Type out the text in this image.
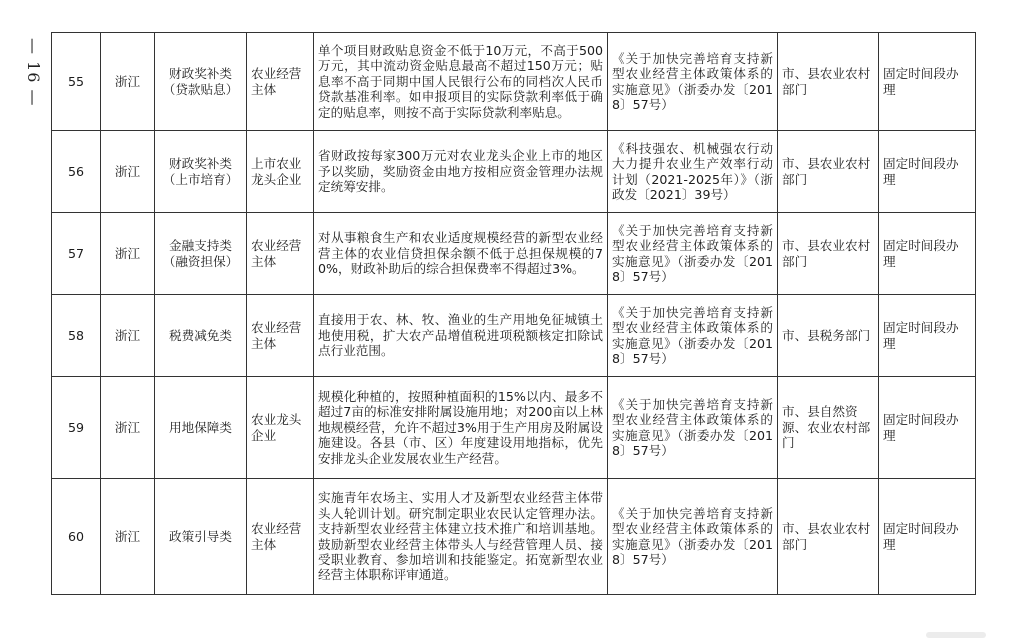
— 16 — 55	浙江	财政奖补类（贷款贴息）	农业经营主体	单个项目财政贴息资金不低于10万元，不高于500万元，其中流动资金贴息最高不超过150万元；贴息率不高于同期中国人民银行公布的同档次人民币贷款基准利率。如申报项目的实际贷款利率低于确定的贴息率，则按不高于实际贷款利率贴息。	《关于加快完善培育支持新型农业经营主体政策体系的实施意见》（浙委办发〔2018〕57号）	市、县农业农村部门	固定时间段办理
56	浙江	财政奖补类（上市培育）	上市农业龙头企业	省财政按每家300万元对农业龙头企业上市的地区予以奖励，奖励资金由地方按相应资金管理办法规定统筹安排。	《科技强农、机械强农行动大力提升农业生产效率行动计划（2021-2025年）》（浙政发〔2021〕39号）	市、县农业农村部门	固定时间段办理
57	浙江	金融支持类（融资担保）	农业经营主体	对从事粮食生产和农业适度规模经营的新型农业经营主体的农业信贷担保余额不低于总担保规模的70%，财政补助后的综合担保费率不得超过3%。	《关于加快完善培育支持新型农业经营主体政策体系的实施意见》（浙委办发〔2018〕57号）	市、县农业农村部门	固定时间段办理
58	浙江	税费减免类	农业经营主体	直接用于农、林、牧、渔业的生产用地免征城镇土地使用税，扩大农产品增值税进项税额核定扣除试点行业范围。	《关于加快完善培育支持新型农业经营主体政策体系的实施意见》（浙委办发〔2018〕57号）	市、县税务部门	固定时间段办理
59	浙江	用地保障类	农业龙头企业	规模化种植的，按照种植面积的15%以内、最多不超过7亩的标准安排附属设施用地；对200亩以上林地规模经营，允许不超过3%用于生产用房及附属设施建设。各县（市、区）年度建设用地指标，优先安排龙头企业发展农业生产经营。	《关于加快完善培育支持新型农业经营主体政策体系的实施意见》（浙委办发〔2018〕57号）	市、县自然资源、农业农村部门	固定时间段办理
60	浙江	政策引导类	农业经营主体	实施青年农场主、实用人才及新型农业经营主体带头人轮训计划。研究制定职业农民认定管理办法。支持新型农业经营主体建立技术推广和培训基地。鼓励新型农业经营主体带头人与经营管理人员、接受职业教育、参加培训和技能鉴定。拓宽新型农业经营主体职称评审通道。	《关于加快完善培育支持新型农业经营主体政策体系的实施意见》（浙委办发〔2018〕57号）	市、县农业农村部门	固定时间段办理
